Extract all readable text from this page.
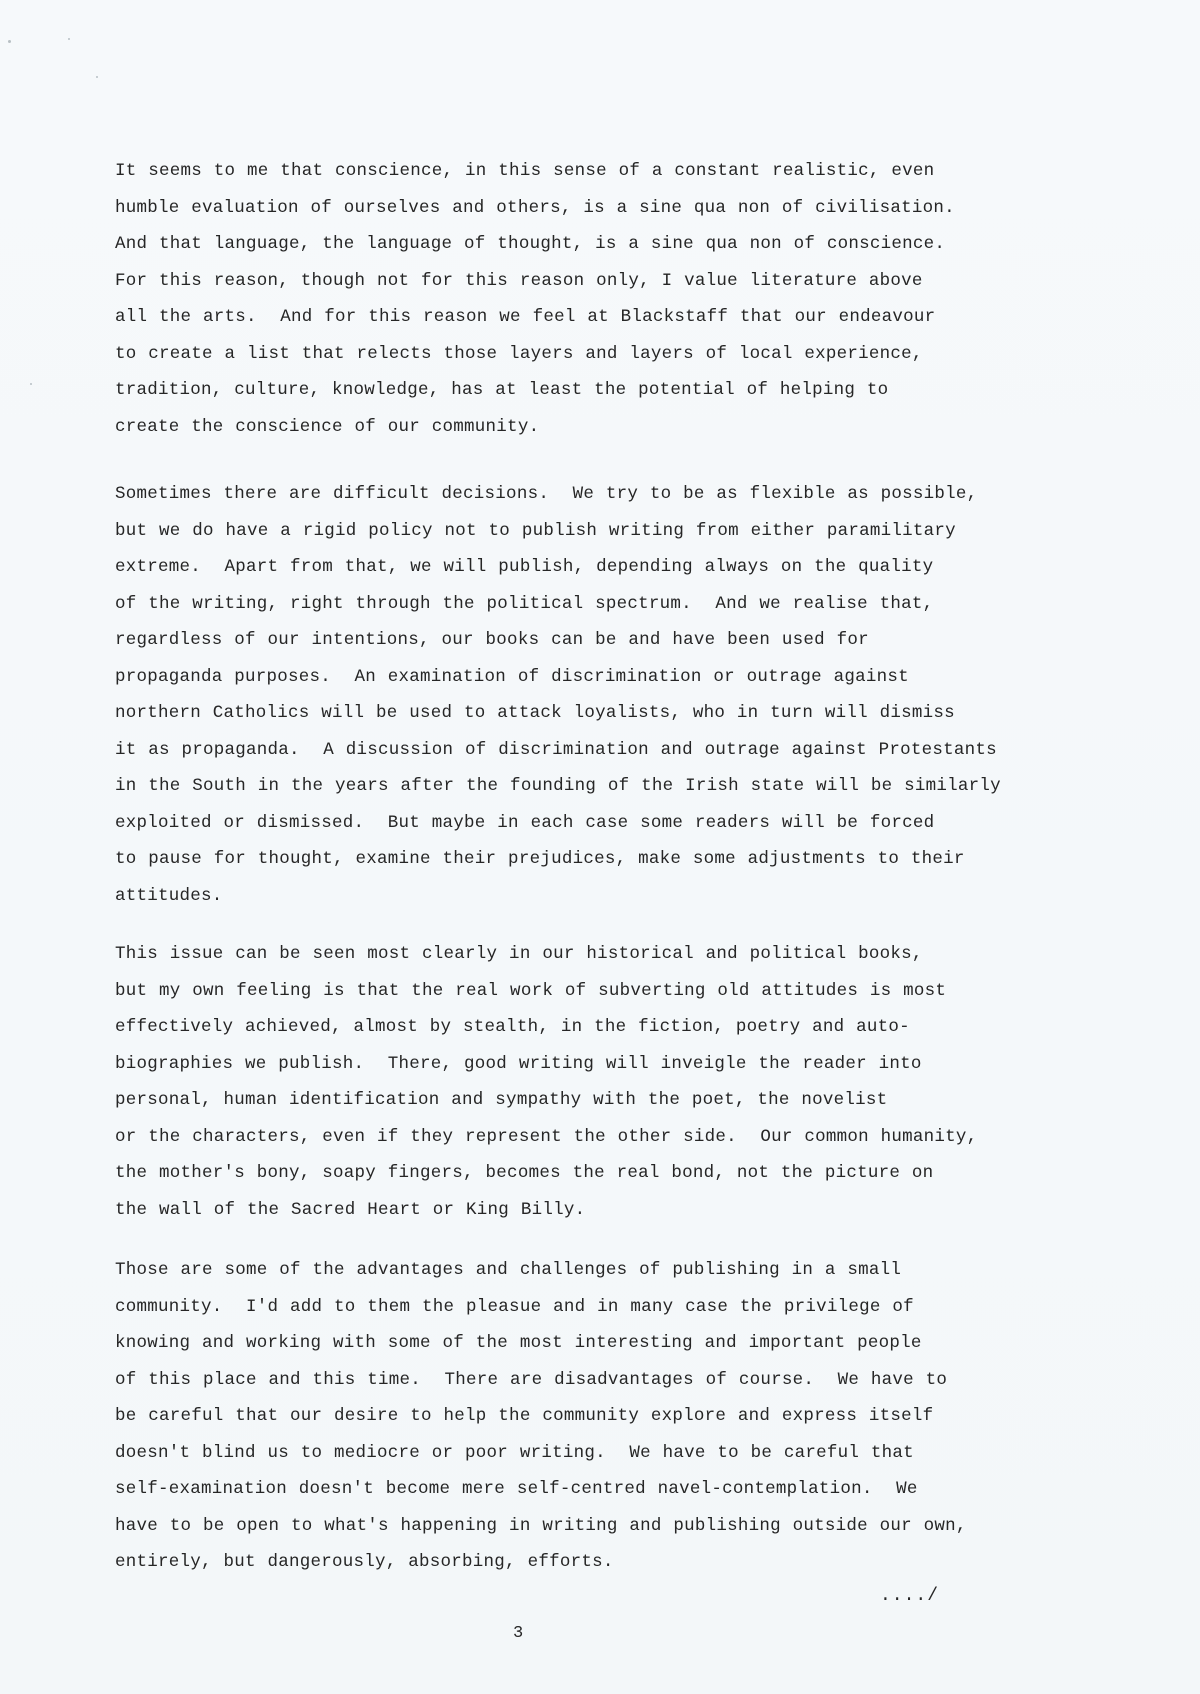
It seems to me that conscience, in this sense of a constant realistic, even
humble evaluation of ourselves and others, is a sine qua non of civilisation.
And that language, the language of thought, is a sine qua non of conscience.
For this reason, though not for this reason only, I value literature above
all the arts.  And for this reason we feel at Blackstaff that our endeavour
to create a list that relects those layers and layers of local experience,
tradition, culture, knowledge, has at least the potential of helping to
create the conscience of our community.
Sometimes there are difficult decisions.  We try to be as flexible as possible,
but we do have a rigid policy not to publish writing from either paramilitary
extreme.  Apart from that, we will publish, depending always on the quality
of the writing, right through the political spectrum.  And we realise that,
regardless of our intentions, our books can be and have been used for
propaganda purposes.  An examination of discrimination or outrage against
northern Catholics will be used to attack loyalists, who in turn will dismiss
it as propaganda.  A discussion of discrimination and outrage against Protestants
in the South in the years after the founding of the Irish state will be similarly
exploited or dismissed.  But maybe in each case some readers will be forced
to pause for thought, examine their prejudices, make some adjustments to their
attitudes.
This issue can be seen most clearly in our historical and political books,
but my own feeling is that the real work of subverting old attitudes is most
effectively achieved, almost by stealth, in the fiction, poetry and auto-
biographies we publish.  There, good writing will inveigle the reader into
personal, human identification and sympathy with the poet, the novelist
or the characters, even if they represent the other side.  Our common humanity,
the mother's bony, soapy fingers, becomes the real bond, not the picture on
the wall of the Sacred Heart or King Billy.
Those are some of the advantages and challenges of publishing in a small
community.  I'd add to them the pleasue and in many case the privilege of
knowing and working with some of the most interesting and important people
of this place and this time.  There are disadvantages of course.  We have to
be careful that our desire to help the community explore and express itself
doesn't blind us to mediocre or poor writing.  We have to be careful that
self-examination doesn't become mere self-centred navel-contemplation.  We
have to be open to what's happening in writing and publishing outside our own,
entirely, but dangerously, absorbing, efforts.
..../
3
